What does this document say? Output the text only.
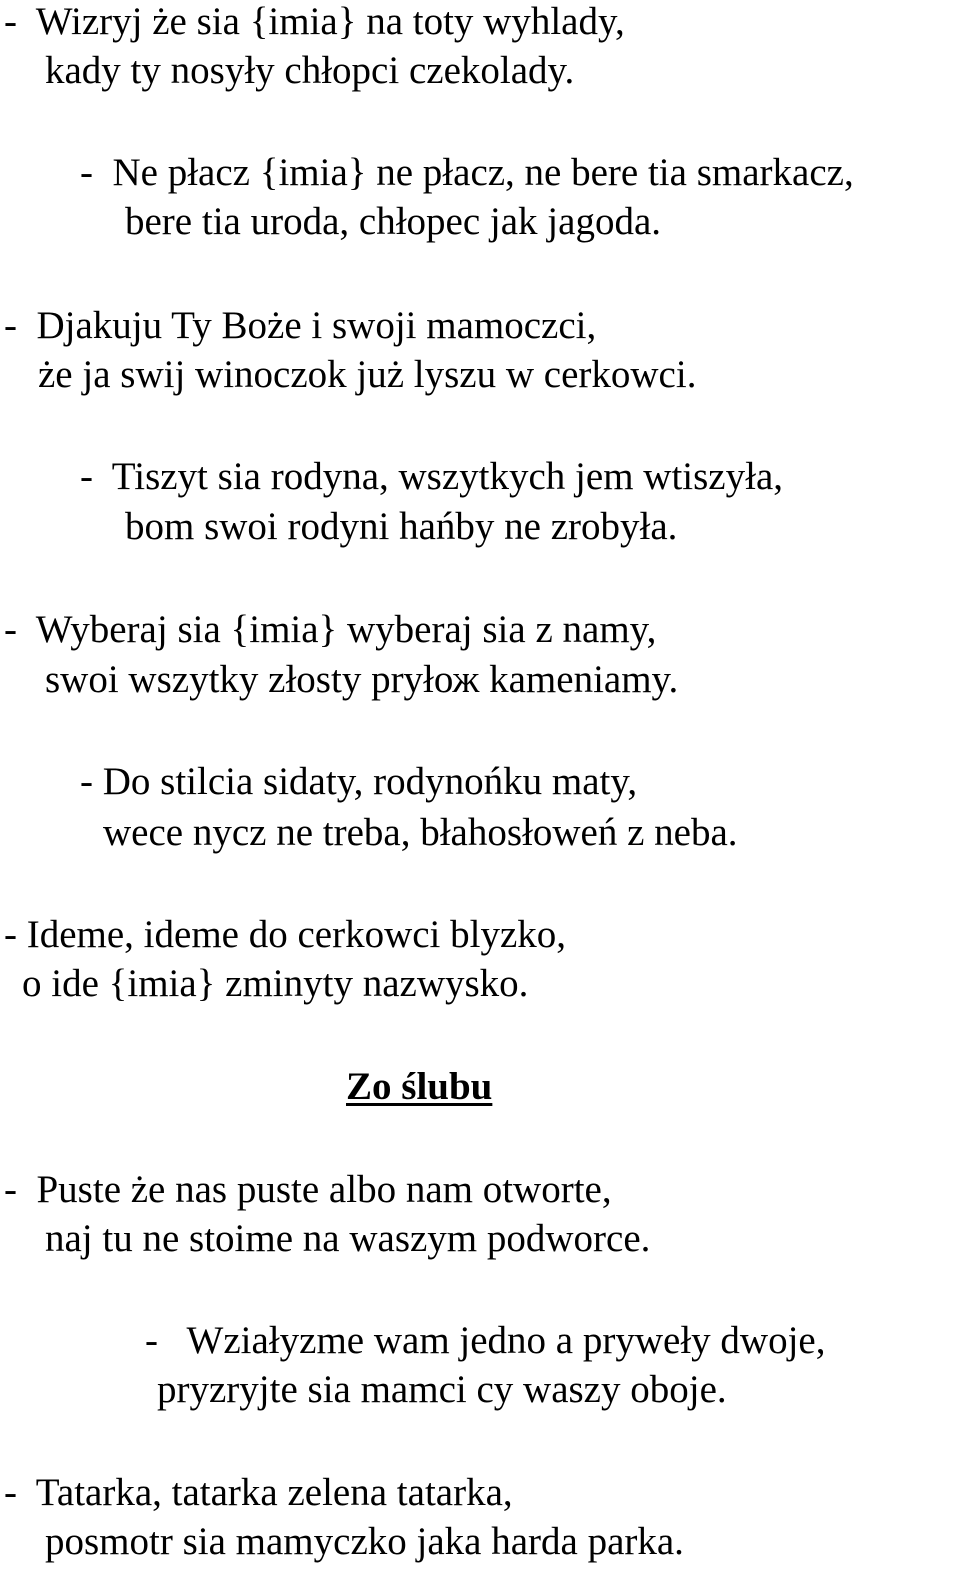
-  Wizryj że sia {imia} na toty wyhlady,

kady ty nosyły chłopci czekolady.

-  Ne płacz {imia} ne płacz, ne bere tia smarkacz,

bere tia uroda, chłopec jak jagoda.

-  Djakuju Ty Bożе i swoji mamoczci,

że ja swij winoczok już lyszu w cerkowci.

-  Tiszyt sia rodyna, wszytkych jem wtiszyła,

bom swoi rodyni hańby ne zrobyła.

-  Wyberaj sia {imia} wyberaj sia z namy,

swoi wszytky złosty pryłож kameniamy.

- Do stilcia sidaty, rodynońku maty,

wece nycz ne treba, błahosłoweń z neba.

- Ideme, ideme do cerkowci blyzko,

o ide {imia} zminyty nazwysko.

Zo ślubu

-  Puste że nas puste albo nam otworte,

naj tu ne stoime na waszym podworce.

-   Wziałyzme wam jedno a pryweły dwoje,

pryzryjte sia mamci cy waszy oboje.

-  Tatarka, tatarka zelena tatarka,

posmotr sia mamyczko jaka harda parka.
